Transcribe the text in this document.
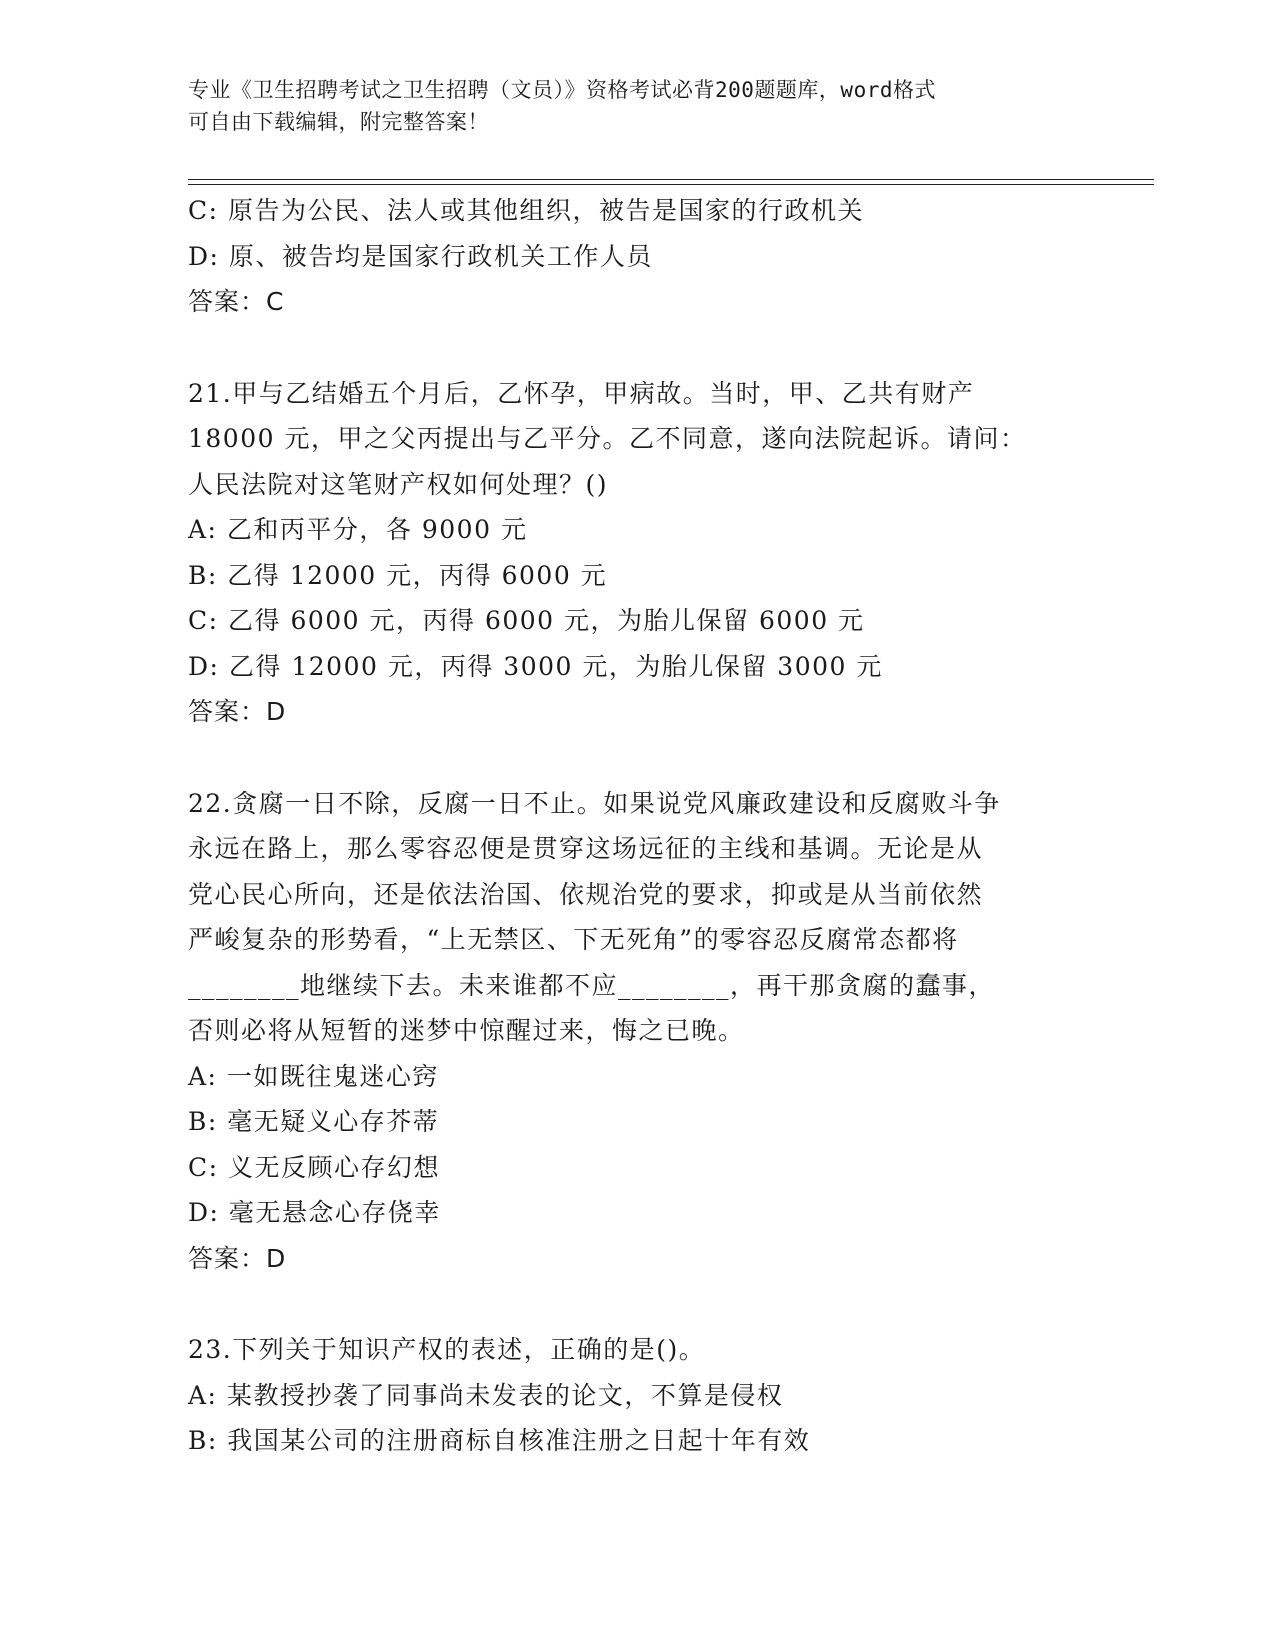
专业《卫生招聘考试之卫生招聘（文员）》资格考试必背200题题库，word格式
可自由下载编辑，附完整答案！
C: 原告为公民、法人或其他组织，被告是国家的行政机关
D: 原、被告均是国家行政机关工作人员
答案：C
21.甲与乙结婚五个月后，乙怀孕，甲病故。当时，甲、乙共有财产
18000 元，甲之父丙提出与乙平分。乙不同意，遂向法院起诉。请问：
人民法院对这笔财产权如何处理？()
A: 乙和丙平分，各 9000 元
B: 乙得 12000 元，丙得 6000 元
C: 乙得 6000 元，丙得 6000 元，为胎儿保留 6000 元
D: 乙得 12000 元，丙得 3000 元，为胎儿保留 3000 元
答案：D
22.贪腐一日不除，反腐一日不止。如果说党风廉政建设和反腐败斗争
永远在路上，那么零容忍便是贯穿这场远征的主线和基调。无论是从
党心民心所向，还是依法治国、依规治党的要求，抑或是从当前依然
严峻复杂的形势看，“上无禁区、下无死角”的零容忍反腐常态都将
________地继续下去。未来谁都不应________，再干那贪腐的蠢事，
否则必将从短暂的迷梦中惊醒过来，悔之已晚。
A: 一如既往鬼迷心窍
B: 毫无疑义心存芥蒂
C: 义无反顾心存幻想
D: 毫无悬念心存侥幸
答案：D
23.下列关于知识产权的表述，正确的是()。
A: 某教授抄袭了同事尚未发表的论文，不算是侵权
B: 我国某公司的注册商标自核准注册之日起十年有效
